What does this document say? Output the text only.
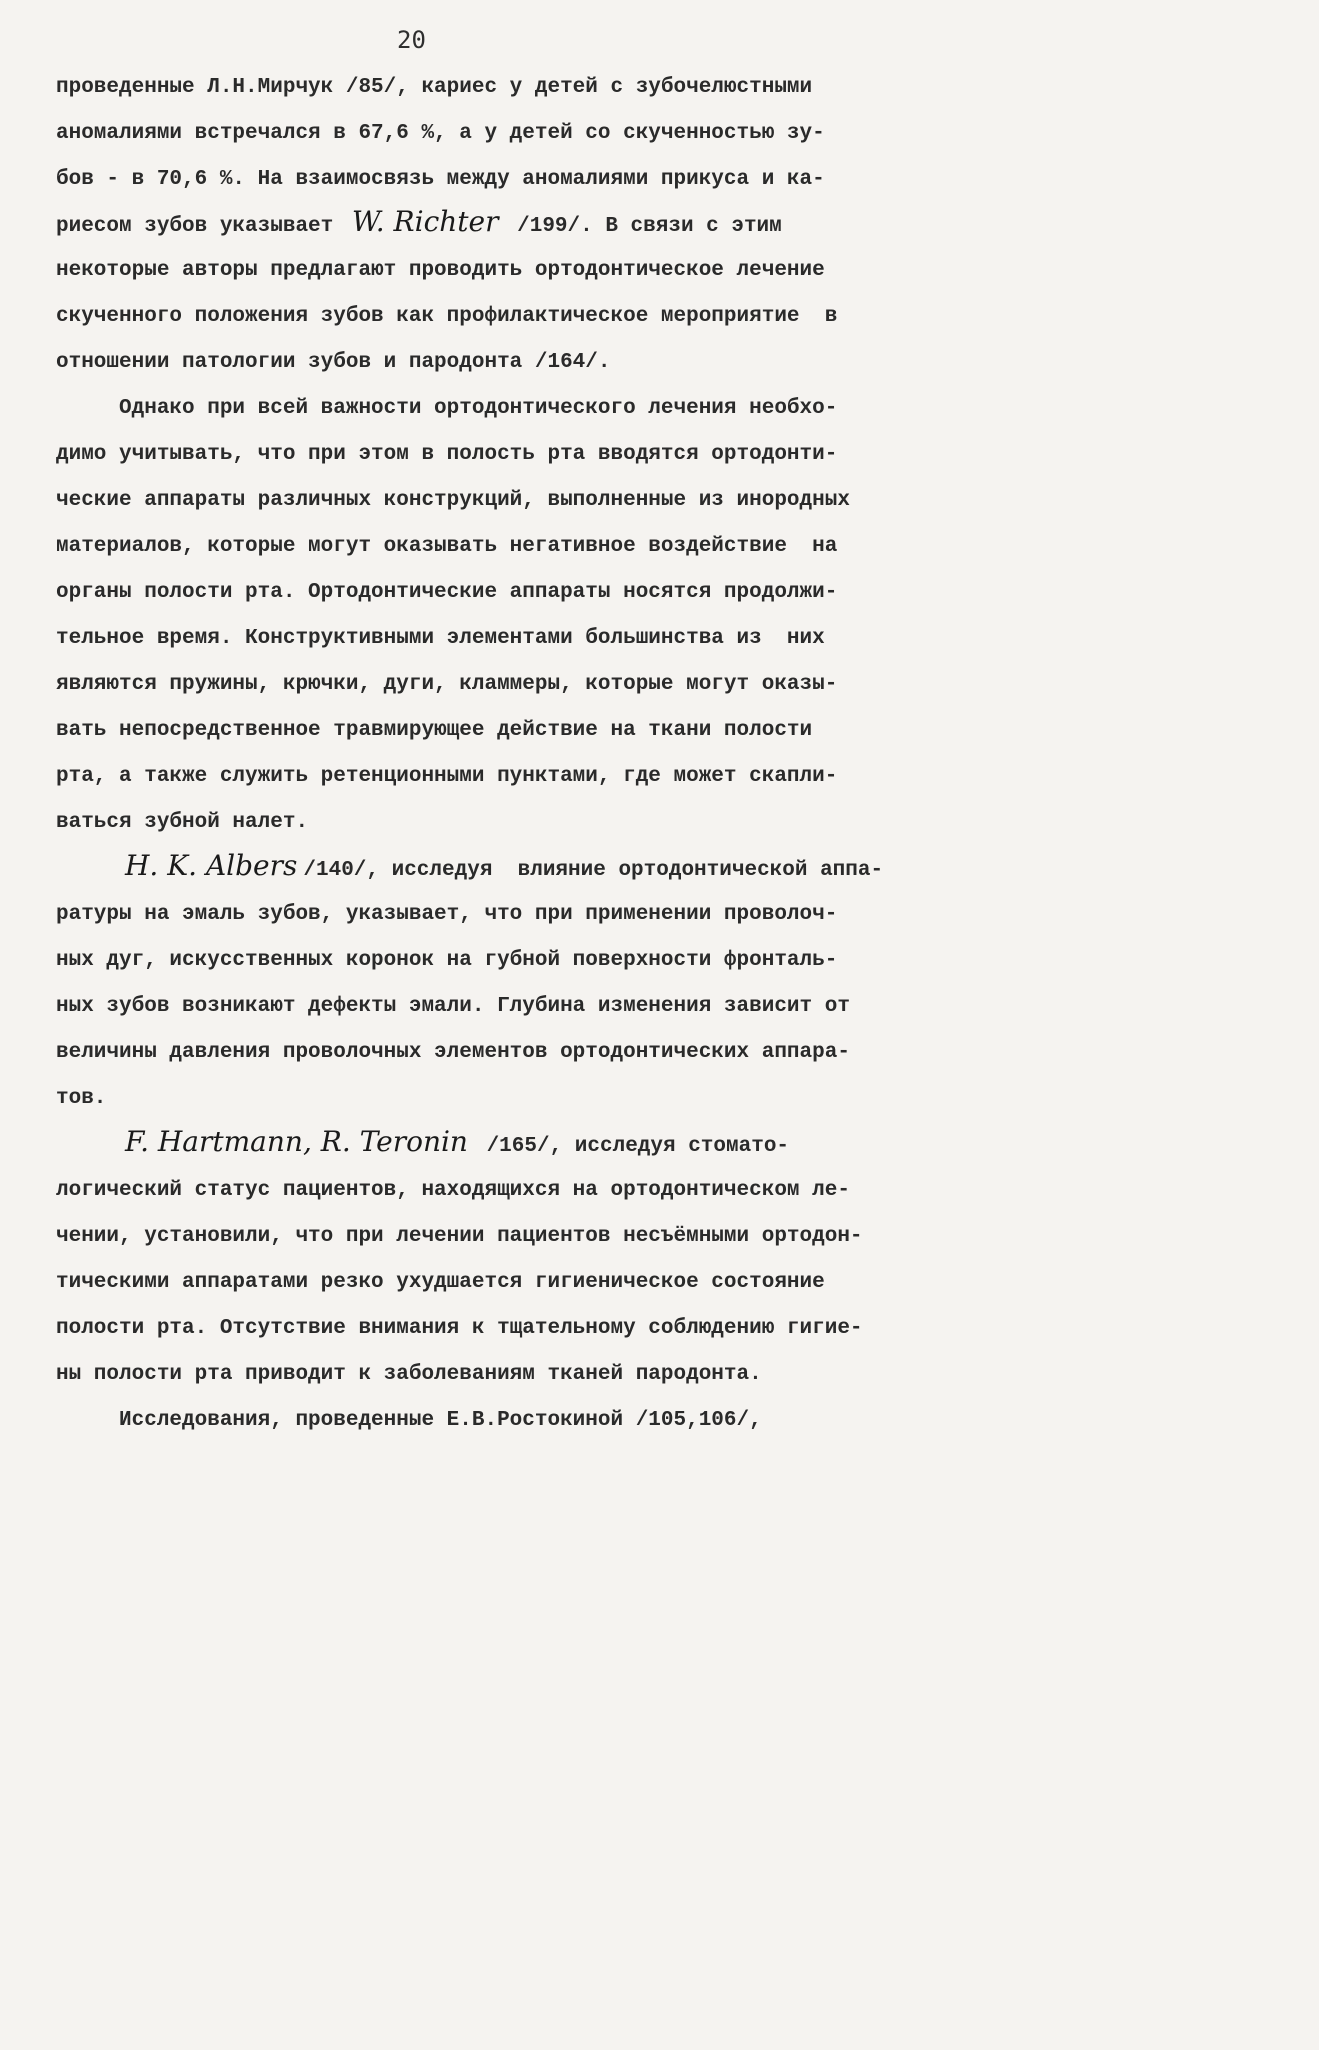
20
проведенные Л.Н.Мирчук /85/, кариес у детей с зубочелюстными
аномалиями встречался в 67,6 %, а у детей со скученностью зу-
бов - в 70,6 %. На взаимосвязь между аномалиями прикуса и ка-
риесом зубов указывает W. Richter /199/. В связи с этим
некоторые авторы предлагают проводить ортодонтическое лечение
скученного положения зубов как профилактическое мероприятие  в
отношении патологии зубов и пародонта /164/.
Однако при всей важности ортодонтического лечения необхо-
димо учитывать, что при этом в полость рта вводятся ортодонти-
ческие аппараты различных конструкций, выполненные из инородных
материалов, которые могут оказывать негативное воздействие  на
органы полости рта. Ортодонтические аппараты носятся продолжи-
тельное время. Конструктивными элементами большинства из  них
являются пружины, крючки, дуги, кламмеры, которые могут оказы-
вать непосредственное травмирующее действие на ткани полости
рта, а также служить ретенционными пунктами, где может скапли-
ваться зубной налет.
H. K. Albers /140/, исследуя  влияние ортодонтической аппа-
ратуры на эмаль зубов, указывает, что при применении проволоч-
ных дуг, искусственных коронок на губной поверхности фронталь-
ных зубов возникают дефекты эмали. Глубина изменения зависит от
величины давления проволочных элементов ортодонтических аппара-
тов.
F. Hartmann, R. Teronin /165/, исследуя стомато-
логический статус пациентов, находящихся на ортодонтическом ле-
чении, установили, что при лечении пациентов несъёмными ортодон-
тическими аппаратами резко ухудшается гигиеническое состояние
полости рта. Отсутствие внимания к тщательному соблюдению гигие-
ны полости рта приводит к заболеваниям тканей пародонта.
Исследования, проведенные Е.В.Ростокиной /105,106/,
